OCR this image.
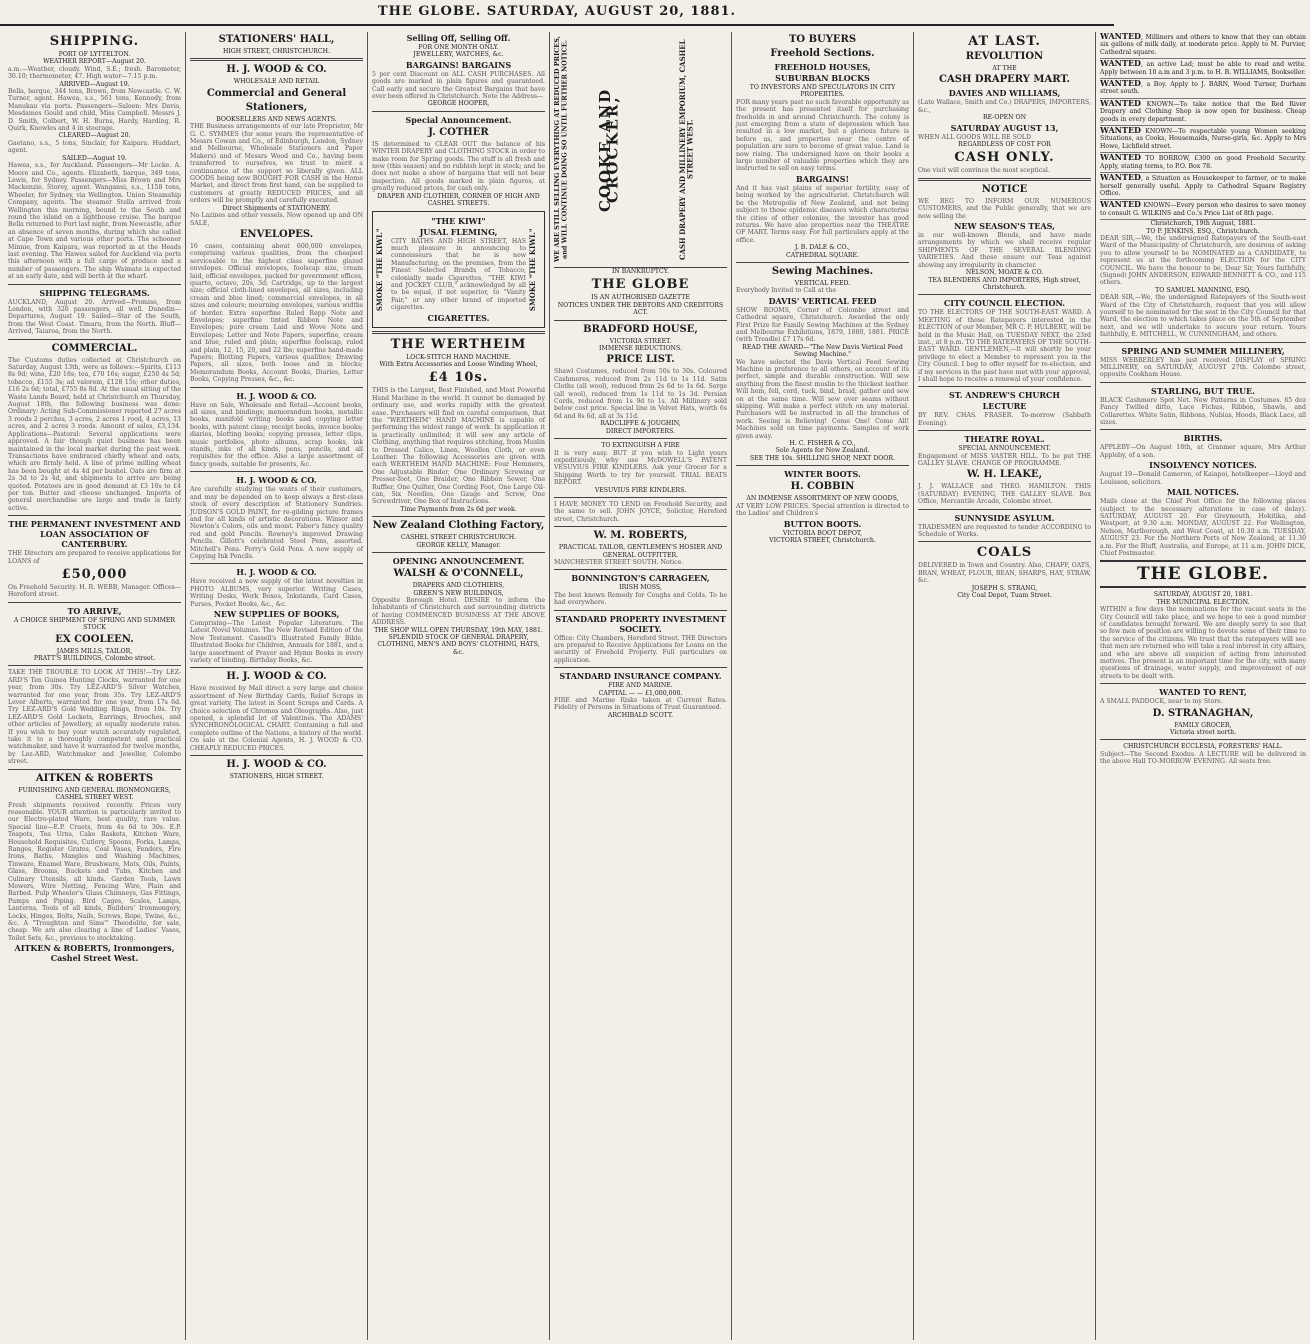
THE GLOBE. SATURDAY, AUGUST 20, 1881.
SHIPPING.
PORT OF LYTTELTON.
WEATHER REPORT—August 20.
a.m.—Weather, cloudy. Wind, S.E.; fresh. Barometer, 30.10; thermometer, 47. High water—7.15 p.m.
ARRIVED—August 19.
Bella, barque, 344 tons, Brown, from Newcastle. C. W. Turner, agent. Hawea, s.s., 561 tons, Kennedy, from Manukau via ports. Passengers—Saloon: Mrs Davis, Mesdames Gould and child, Miss Campbell. Messrs J. D. Smith, Colbert, W. H. Burns, Hardy, Harding, R. Quirk, Knowles and 4 in steerage.
CLEARED—August 20.
Gaetano, s.s., 5 tons, Sinclair, for Kaipara. Huddart, agent.
SAILED—August 19.
Hawea, s.s., for Auckland. Passengers—Mr Locke. A. Moore and Co., agents. Elizabeth, barque, 349 tons, Lewis, for Sydney. Passengers—Miss Brown and Mrs Mackenzie. Storey, agent. Wanganui, s.s., 1158 tons, Wheeler, for Sydney, via Wellington. Union Steamship Company, agents. The steamer Stella arrived from Wellington this morning, bound to the South and round the island on a lighthouse cruise. The barque Bella returned to Port last night, from Newcastle, after an absence of seven months, during which she called at Cape Town and various other ports. The schooner Minnie, from Kaipara, was reported in at the Heads last evening. The Hawea sailed for Auckland via ports this afternoon with a full cargo of produce and a number of passengers. The ship Waimate is expected at an early date, and will berth at the wharf.
SHIPPING TELEGRAMS.
AUCKLAND, August 20. Arrived—Promise, from London, with 326 passengers, all well. Dunedin—Departures, August 19. Sailed—Star of the South, from the West Coast. Timaru, from the North. Bluff—Arrived, Taiaroa, from the North.
COMMERCIAL.
The Customs duties collected at Christchurch on Saturday, August 13th, were as follows:—Spirits, £113 8s 9d; wine, £20 18s; tea, £70 16s; sugar, £250 4s 5d; tobacco, £155 3s; ad valorem, £128 15s; other duties, £16 2s 6d; total, £755 8s 8d. At the usual sitting of the Waste Lands Board, held at Christchurch on Thursday, August 18th, the following business was done: Ordinary: Acting Sub-Commissioner reported 27 acres 3 roods 2 perches, 3 acres, 2 acres 1 rood, 4 acres, 13 acres, and 2 acres 3 roods. Amount of sales, £3,134. Applications—Pastoral: Several applications were approved. A fair though quiet business has been maintained in the local market during the past week. Transactions have embraced chiefly wheat and oats, which are firmly held. A line of prime milling wheat has been bought at 4s 4d per bushel. Oats are firm at 2s 3d to 2s 4d, and shipments to arrive are being quoted. Potatoes are in good demand at £3 10s to £4 per ton. Butter and cheese unchanged. Imports of general merchandise are large and trade is fairly active.
THE PERMANENT INVESTMENT AND LOAN ASSOCIATION OF CANTERBURY.
THE Directors are prepared to receive applications for LOANS of
£50,000
On Freehold Security. H. R. WEBB, Manager. Offices—Hereford street.
TO ARRIVE,
A CHOICE SHIPMENT OF SPRING AND SUMMER STOCK
EX COOLEEN.
JAMES MILLS, TAILOR,
PRATT'S BUILDINGS, Colombo street.
TAKE THE TROUBLE TO LOOK AT THIS!—Try LEZ-ARD'S Ten Guinea Hunting Clocks, warranted for one year, from 30s. Try LEZ-ARD'S Silver Watches, warranted for one year, from 35s. Try LEZ-ARD'S Lever Alberts, warranted for one year, from 17s 6d. Try LEZ-ARD'S Gold Wedding Rings, from 10s. Try LEZ-ARD'S Gold Lockets, Earrings, Brooches, and other articles of Jewellery, at equally moderate rates. If you wish to buy your watch accurately regulated, take it to a thoroughly competent and practical watchmaker, and have it warranted for twelve months, by Lez-ARD, Watchmaker and Jeweller, Colombo street.
AITKEN & ROBERTS
FURNISHING AND GENERAL IRONMONGERS, CASHEL STREET WEST.
Fresh shipments received recently. Prices very reasonable. YOUR attention is particularly invited to our Electro-plated Ware, best quality, rare value. Special line—E.P. Cruets, from 4s 6d to 30s. E.P. Teapots, Tea Urns, Cake Baskets, Kitchen Ware, Household Requisites, Cutlery, Spoons, Forks, Lamps, Ranges, Register Grates, Coal Vases, Fenders, Fire Irons, Baths, Mangles and Washing Machines, Tinware, Enamel Ware, Brushware, Mats, Oils, Paints, Glass, Brooms, Buckets and Tubs, Kitchen and Culinary Utensils, all kinds. Garden Tools, Lawn Mowers, Wire Netting, Fencing Wire, Plain and Barbed. Pulp Wheeler's Glass Chimneys, Gas Fittings, Pumps and Piping. Bird Cages, Scales, Lamps, Lanterns, Tools of all kinds, Builders' Ironmongery, Locks, Hinges, Bolts, Nails, Screws, Rope, Twine, &c., &c. A "Troughton and Sims'" Theodolite, for sale, cheap. We are also clearing a line of Ladies' Vases, Toilet Sets, &c., previous to stocktaking.
AITKEN & ROBERTS, Ironmongers, Cashel Street West.
STATIONERS' HALL,
HIGH STREET, CHRISTCHURCH.
H. J. WOOD & CO.
WHOLESALE AND RETAIL
Commercial and General
Stationers,
BOOKSELLERS AND NEWS AGENTS.
THE Business arrangements of our late Proprietor, Mr G. C. SYMMES (for some years the representative of Messrs Cowan and Co., of Edinburgh, London, Sydney and Melbourne, Wholesale Stationers and Paper Makers) and of Messrs Wood and Co., having been transferred to ourselves, we trust to merit a continuance of the support so liberally given. ALL GOODS being now BOUGHT FOR CASH in the Home Market, and direct from first hand, can be supplied to customers at greatly REDUCED PRICES, and all orders will be promptly and carefully executed.
Direct Shipments of STATIONERY.
No Lazines and other vessels. Now opened up and ON SALE,
ENVELOPES.
16 cases, containing about 600,000 envelopes, comprising various qualities, from the cheapest serviceable to the highest class superfine glazed envelopes. Official envelopes, foolscap size, cream laid, official envelopes, packed for government offices, quarto, octavo, 20s, 3d; Cartridge, up to the largest size; official cloth-lined envelopes, all sizes, including cream and blue lined; commercial envelopes, in all sizes and colours; mourning envelopes, various widths of border. Extra superfine Ruled Repp Note and Envelopes; superfine tinted Ribbon Note and Envelopes; pure cream Laid and Wove Note and Envelopes; Letter and Note Papers, superfine, cream and blue, ruled and plain; superfine foolscap, ruled and plain, 12, 15, 20, and 22 lbs; superfine hand-made Papers; Blotting Papers, various qualities; Drawing Papers, all sizes, both loose and in blocks; Memorandum Books, Account Books, Diaries, Letter Books, Copying Presses, &c., &c.
H. J. WOOD & CO.
Have on Sale, Wholesale and Retail—Account books, all sizes, and bindings; memorandum books, metallic books, manifold writing books and copying letter books, with patent clasp; receipt books, invoice books; diaries, blotting books; copying presses, letter clips, music portfolios, photo albums, scrap books, ink stands, inks of all kinds, pens, pencils, and all requisites for the office. Also a large assortment of fancy goods, suitable for presents, &c.
H. J. WOOD & CO.
Are carefully studying the wants of their customers, and may be depended on to keep always a first-class stock of every description of Stationery Sundries. JUDSON'S GOLD PAINT, for re-gilding picture frames and for all kinds of artistic decorations. Winsor and Newton's Colors, oils and moist. Faber's fancy quality red and gold Pencils. Rowney's improved Drawing Pencils. Gillott's celebrated Steel Pens, assorted. Mitchell's Pens. Perry's Gold Pens. A new supply of Copying Ink Pencils.
H. J. WOOD & CO.
Have received a new supply of the latest novelties in PHOTO ALBUMS, very superior. Writing Cases, Writing Desks, Work Boxes, Inkstands, Card Cases, Purses, Pocket Books, &c., &c.
NEW SUPPLIES OF BOOKS,
Comprising—The Latest Popular Literature. The Latest Novel Volumes. The New Revised Edition of the New Testament. Cassell's Illustrated Family Bible, Illustrated Books for Children, Annuals for 1881, and a large assortment of Prayer and Hymn Books in every variety of binding. Birthday Books, &c.
H. J. WOOD & CO.
Have received by Mail direct a very large and choice assortment of New Birthday Cards, Relief Scraps in great variety, The latest in Scent Scraps and Cards. A choice selection of Chromos and Oleographs. Also, just opened, a splendid lot of Valentines. The ADAMS' SYNCHRONOLOGICAL CHART. Containing a full and complete outline of the Nations, a history of the world. On sale at the Colonial Agents, H. J. WOOD & CO. CHEAPLY REDUCED PRICES.
H. J. WOOD & CO.
STATIONERS, HIGH STREET.
Selling Off, Selling Off.
FOR ONE MONTH ONLY.
JEWELLERY, WATCHES, &c.
BARGAINS! BARGAINS
5 per cent Discount on ALL CASH PURCHASES. All goods are marked in plain figures and guaranteed. Call early and secure the Greatest Bargains that have ever been offered in Christchurch. Note the Address—
GEORGE HOOPER,
Special Announcement.
J. COTHER
IS determined to CLEAR OUT the balance of his WINTER DRAPERY and CLOTHING STOCK in order to make room for Spring goods. The stuff is all fresh and new (this season) and no rubbish kept in stock; and he does not make a show of bargains that will not bear inspection. All goods marked in plain figures, at greatly reduced prices, for cash only.
DRAPER AND CLOTHIER, CORNER OF HIGH AND CASHEL STREETS.
SMOKE "THE KIWI."
"THE KIWI"
JUSAL FLEMING,
CITY BATHS AND HIGH STREET, HAS much pleasure in announcing to connoisseurs that he is now Manufacturing, on the premises, from the Finest Selected Brands of Tobacco, colonially made Cigarettes, "THE KIWI and JOCKEY CLUB," acknowledged by all to be equal, if not superior, to "Vanity Fair," or any other brand of imported cigarettes.
CIGARETTES.
SMOKE "THE KIWI."
THE WERTHEIM
LOCK-STITCH HAND MACHINE.
With Extra Accessories and Loose Winding Wheel,
£4 10s.
THIS is the Largest, Best Finished, and Most Powerful Hand Machine in the world. It cannot be damaged by ordinary use, and works rapidly with the greatest ease. Purchasers will find on careful comparison, that the "WERTHEIM" HAND MACHINE is capable of performing the widest range of work. In application it is practically unlimited; it will sew any article of Clothing, anything that requires stitching, from Muslin to Dressed Calico, Linen, Woollen Cloth, or even Leather. The following Accessories are given with each WERTHEIM HAND MACHINE: Four Hemmers, One Adjustable Binder, One Ordinary Screwing or Presser-foot, One Braider, One Ribbon Sewer, One Ruffler, One Quilter, One Cording Foot, One Large Oil-can, Six Needles, One Gauge and Screw, One Screwdriver, One Box of Instructions.
Time Payments from 2s 6d per week.
New Zealand Clothing Factory,
CASHEL STREET CHRISTCHURCH.
GEORGE KELLY, Manager.
OPENING ANNOUNCEMENT.
WALSH & O'CONNELL,
DRAPERS AND CLOTHIERS,
GREEN'S NEW BUILDINGS,
Opposite Borough Hotel. DESIRE to inform the Inhabitants of Christchurch and surrounding districts of having COMMENCED BUSINESS AT THE ABOVE ADDRESS.
THE SHOP WILL OPEN THURSDAY, 19th MAY, 1881.
SPLENDID STOCK OF GENERAL DRAPERY, CLOTHING, MEN'S AND BOYS' CLOTHING, HATS, &c.
WE ARE STILL SELLING EVERYTHING AT REDUCED PRICES, and WILL CONTINUE DOING SO UNTIL FURTHER NOTICE.	COOKE AND CROCKER,	CASH DRAPERY AND MILLINERY EMPORIUM, CASHEL STREET WEST.
IN BANKRUPTCY.
THE GLOBE
IS AN AUTHORISED GAZETTE
NOTICES UNDER THE DEBTORS AND CREDITORS ACT.
BRADFORD HOUSE,
VICTORIA STREET.
IMMENSE REDUCTIONS.
PRICE LIST.
Shawl Costumes, reduced from 50s to 30s. Coloured Cashmeres, reduced from 2s 11d to 1s 11d. Satin Cloths (all wool), reduced from 2s 6d to 1s 6d. Serge (all wool), reduced from 1s 11d to 1s 3d. Persian Cords, reduced from 1s 9d to 1s. All Millinery sold below cost price. Special line in Velvet Hats, worth 6s 6d and 8s 6d, all at 3s 11d.
RADCLIFFE & JOUGHIN,
DIRECT IMPORTERS.
TO EXTINGUISH A FIRE
It is very easy. BUT if you wish to Light yours expeditiously, why use McDOWELL'S PATENT VESUVIUS FIRE KINDLERS. Ask your Grocer for a Shipping Worth to try for yourself. TRIAL BEATS REPORT.
VESUVIUS FIRE KINDLERS.
I HAVE MONEY TO LEND on Freehold Security, and the same to sell. JOHN JOYCE, Solicitor, Hereford street, Christchurch.
W. M. ROBERTS,
PRACTICAL TAILOR, GENTLEMEN'S HOSIER AND GENERAL OUTFITTER.
MANCHESTER STREET SOUTH. Notice.
BONNINGTON'S CARRAGEEN,
IRISH MOSS,
The best known Remedy for Coughs and Colds. To be had everywhere.
STANDARD PROPERTY INVESTMENT SOCIETY.
Office: City Chambers, Hereford Street. THE Directors are prepared to Receive Applications for Loans on the security of Freehold Property. Full particulars on application.
STANDARD INSURANCE COMPANY.
FIRE AND MARINE.
CAPITAL — — £1,000,000.
FIRE and Marine Risks taken at Current Rates. Fidelity of Persons in Situations of Trust Guaranteed.
ARCHIBALD SCOTT.
TO BUYERS
Freehold Sections.
FREEHOLD HOUSES,
SUBURBAN BLOCKS
TO INVESTORS AND SPECULATORS IN CITY PROPERTIES.
FOR many years past no such favorable opportunity as the present has presented itself for purchasing freeholds in and around Christchurch. The colony is just emerging from a state of depression which has resulted in a low market, but a glorious future is before us, and properties near the centre of population are sure to become of great value. Land is now rising. The undersigned have on their books a large number of valuable properties which they are instructed to sell on easy terms.
BARGAINS!
And it has vast plains of superior fertility, easy of being worked by the agriculturist. Christchurch will be the Metropolis of New Zealand, and not being subject to those epidemic diseases which characterise the cities of other colonies, the investor has good returns. We have also properties near the THEATRE OF MART. Terms easy. For full particulars apply at the office.
J. B. DALE & CO.,
CATHEDRAL SQUARE.
Sewing Machines.
VERTICAL FEED.
Everybody Invited to Call at the
DAVIS' VERTICAL FEED
SHOW ROOMS, Corner of Colombo street and Cathedral square, Christchurch. Awarded the only First Prize for Family Sewing Machines at the Sydney and Melbourne Exhibitions, 1879, 1880, 1881. PRICE (with Treadle) £7 17s 6d.
READ THE AWARD—"The New Davis Vertical Feed Sewing Machine."
We have selected the Davis Vertical Feed Sewing Machine in preference to all others, on account of its perfect, simple and durable construction. Will sew anything from the finest muslin to the thickest leather. Will hem, fell, cord, tuck, bind, braid, gather and sew on at the same time. Will sew over seams without skipping. Will make a perfect stitch on any material. Purchasers will be instructed in all the branches of work. Seeing is Believing! Come One! Come All! Machines sold on time payments. Samples of work given away.
H. C. FISHER & CO.,
Sole Agents for New Zealand.
SEE THE 10s. SHILLING SHOP, NEXT DOOR.
WINTER BOOTS.
H. COBBIN
AN IMMENSE ASSORTMENT OF NEW GOODS,
AT VERY LOW PRICES. Special attention is directed to the Ladies' and Children's
BUTTON BOOTS.
VICTORIA BOOT DEPOT,
VICTORIA STREET, Christchurch.
AT LAST.
REVOLUTION
AT THE
CASH DRAPERY MART.
DAVIES AND WILLIAMS,
(Late Wallace, Smith and Co.) DRAPERS, IMPORTERS, &c.,
RE-OPEN ON
SATURDAY AUGUST 13,
WHEN ALL GOODS WILL BE SOLD
REGARDLESS OF COST FOR
CASH ONLY.
One visit will convince the most sceptical.
NOTICE
WE BEG TO INFORM OUR NUMEROUS CUSTOMERS, and the Public generally, that we are now selling the
NEW SEASON'S TEAS,
in our well-known Blends, and have made arrangements by which we shall receive regular SHIPMENTS OF THE SEVERAL BLENDING VARIETIES. And these ensure our Teas against showing any irregularity in character.
NELSON, MOATE & CO.
TEA BLENDERS AND IMPORTERS, High street, Christchurch.
CITY COUNCIL ELECTION.
TO THE ELECTORS OF THE SOUTH-EAST WARD. A MEETING of those Ratepayers interested in the ELECTION of our Member, MR C. P. HULBERT, will be held in the Music Hall, on TUESDAY NEXT, the 23rd inst., at 8 p.m. TO THE RATEPAYERS OF THE SOUTH-EAST WARD. GENTLEMEN,—It will shortly be your privilege to elect a Member to represent you in the City Council. I beg to offer myself for re-election, and if my services in the past have met with your approval, I shall hope to receive a renewal of your confidence.
ST. ANDREW'S CHURCH
LECTURE
BY REV. CHAS. FRASER. To-morrow (Sabbath Evening).
THEATRE ROYAL.
SPECIAL ANNOUNCEMENT.
Engagement of MISS VASTER HILL. To be put THE GALLEY SLAVE. CHANGE OF PROGRAMME.
W. H. LEAKE,
J. J. WALLACE and THEO. HAMILTON. THIS (SATURDAY) EVENING, THE GALLEY SLAVE. Box Office, Mercantile Arcade, Colombo street.
SUNNYSIDE ASYLUM.
TRADESMEN are requested to tender ACCORDING to Schedule of Works.
COALS
DELIVERED in Town and Country. Also, CHAFF, OATS, BRAN, WHEAT, FLOUR, BEAN, SHARPS, HAY, STRAW, &c.
JOSEPH S. STRANG,
City Coal Depot, Tuam Street.
WANTED, Milliners and others to know that they can obtain six gallons of milk daily, at moderate price. Apply to M. Purvier, Cathedral square.
WANTED, an active Lad; must be able to read and write. Apply between 10 a.m and 3 p.m. to H. B. WILLIAMS, Bookseller.
WANTED, a Boy. Apply to J. BARN, Wood Turner, Durham street south.
WANTED KNOWN—To take notice that the Red River Drapery and Clothing Shop is now open for business. Cheap goods in every department.
WANTED KNOWN—To respectable young Women seeking Situations, as Cooks, Housemaids, Nurse-girls, &c. Apply to Mrs Howe, Lichfield street.
WANTED TO BORROW, £300 on good Freehold Security. Apply, stating terms, to P.O. Box 78.
WANTED, a Situation as Housekeeper to farmer, or to make herself generally useful. Apply to Cathedral Square Registry Office.
WANTED KNOWN—Every person who desires to save money to consult G. WILKINS and Co.'s Price List of 8th page.
Christchurch, 19th August, 1881.
TO P. JENKINS, ESQ., Christchurch.
DEAR SIR,—We, the undersigned Ratepayers of the South-east Ward of the Municipality of Christchurch, are desirous of asking you to allow yourself to be NOMINATED as a CANDIDATE, to represent us at the forthcoming ELECTION for the CITY COUNCIL. We have the honour to be, Dear Sir, Yours faithfully, (Signed) JOHN ANDERSON, EDWARD BENNETT & CO., and 115 others.
TO SAMUEL MANNING, ESQ.
DEAR SIR,—We, the undersigned Ratepayers of the South-west Ward of the City of Christchurch, request that you will allow yourself to be nominated for the seat in the City Council for that Ward, the election to which takes place on the 5th of September next, and we will undertake to secure your return. Yours faithfully, E. MITCHELL, W. CUNNINGHAM, and others.
SPRING AND SUMMER MILLINERY,
MISS WEBBERLEY has just received DISPLAY of SPRING MILLINERY, on SATURDAY, AUGUST 27th. Colombo street, opposite Cookham House.
STARLING, BUT TRUE.
BLACK Cashmere Spot Net. New Patterns in Costumes. 65 doz Fancy Twilled ditto, Lace Fichus, Ribbon, Shawls, and Collarettes. White Satin, Ribbons, Nubias, Hoods, Black Lace, all sizes.
BIRTHS.
APPLEBY—On August 18th, at Cranmer square, Mrs Arthur Appleby, of a son.
INSOLVENCY NOTICES.
August 19—Donald Cameron, of Kaiapoi, hotelkeeper—Lloyd and Louisson, solicitors.
MAIL NOTICES.
Mails close at the Chief Post Office for the following places (subject to the necessary alterations in case of delay). SATURDAY, AUGUST 20. For Greymouth, Hokitika, and Westport, at 9.30 a.m. MONDAY, AUGUST 22. For Wellington, Nelson, Marlborough, and West Coast, at 10.30 a.m. TUESDAY, AUGUST 23. For the Northern Ports of New Zealand, at 11.30 a.m. For the Bluff, Australia, and Europe, at 11 a.m. JOHN DICK, Chief Postmaster.
THE GLOBE.
SATURDAY, AUGUST 20, 1881.
THE MUNICIPAL ELECTION.
WITHIN a few days the nominations for the vacant seats in the City Council will take place, and we hope to see a good number of candidates brought forward. We are deeply sorry to see that so few men of position are willing to devote some of their time to the service of the citizens. We trust that the ratepayers will see that men are returned who will take a real interest in city affairs, and who are above all suspicion of acting from interested motives. The present is an important time for the city, with many questions of drainage, water supply, and improvement of our streets to be dealt with.
WANTED TO RENT,
A SMALL PADDOCK, near to my Store.
D. STRANAGHAN,
FAMILY GROCER,
Victoria street north.
CHRISTCHURCH ECCLESIA, FORESTERS' HALL.
Subject—The Second Exodus. A LECTURE will be delivered in the above Hall TO-MORROW EVENING. All seats free.
